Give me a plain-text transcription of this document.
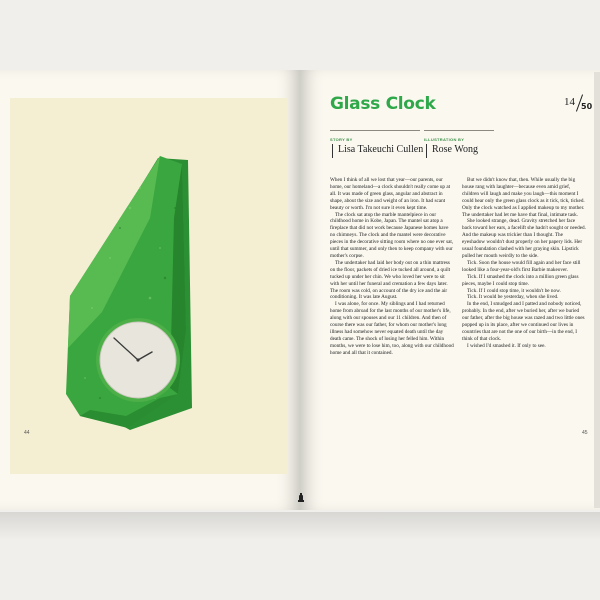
44	45
Glass Clock	14 50
STORY BY	ILLUSTRATION BY
Lisa Takeuchi Cullen Rose Wong

When I think of all we lost that year—our parents, our home, our homeland—a clock shouldn't really come up at all. It was made of green glass, angular and abstract in shape, about the size and weight of an iron. It had scant beauty or worth. I'm not sure it even kept time.

The clock sat atop the marble mantelpiece in our childhood home in Kobe, Japan. The mantel sat atop a fireplace that did not work because Japanese homes have no chimneys. The clock and the mantel were decorative pieces in the decorative sitting room where no one ever sat, until that summer, and only then to keep company with our mother's corpse.

The undertaker had laid her body out on a thin mattress on the floor, packets of dried ice tucked all around, a quilt tucked up under her chin. We who loved her were to sit with her until her funeral and cremation a few days later. The room was cold, on account of the dry ice and the air conditioning. It was late August.

I was alone, for once. My siblings and I had returned home from abroad for the last months of our mother's life, along with our spouses and our 11 children. And then of course there was our father, for whom our mother's long illness had somehow never equated death until the day death came. The shock of losing her felled him. Within months, we were to lose him, too, along with our childhood home and all that it contained.

But we didn't know that, then. While usually the big house rang with laughter—because even amid grief, children will laugh and make you laugh—this moment I could hear only the green glass clock as it tick, tick, ticked. Only the clock watched as I applied makeup to my mother. The undertaker had let me have that final, intimate task.

She looked strange, dead. Gravity stretched her face back toward her ears, a facelift she hadn't sought or needed. And the makeup was trickier than I thought. The eyeshadow wouldn't dust properly on her papery lids. Her usual foundation clashed with her graying skin. Lipstick pulled her mouth weirdly to the side.

Tick. Soon the house would fill again and her face still looked like a four-year-old's first Barbie makeover.

Tick. If I smashed the clock into a million green glass pieces, maybe I could stop time.

Tick. If I could stop time, it wouldn't be now.

Tick. It would be yesterday, when she lived.

In the end, I smudged and I patted and nobody noticed, probably. In the end, after we buried her, after we buried our father, after the big house was razed and two little ones popped up in its place, after we continued our lives in countries that are not the one of our birth—in the end, I think of that clock.

I wished I'd smashed it. If only to see.
